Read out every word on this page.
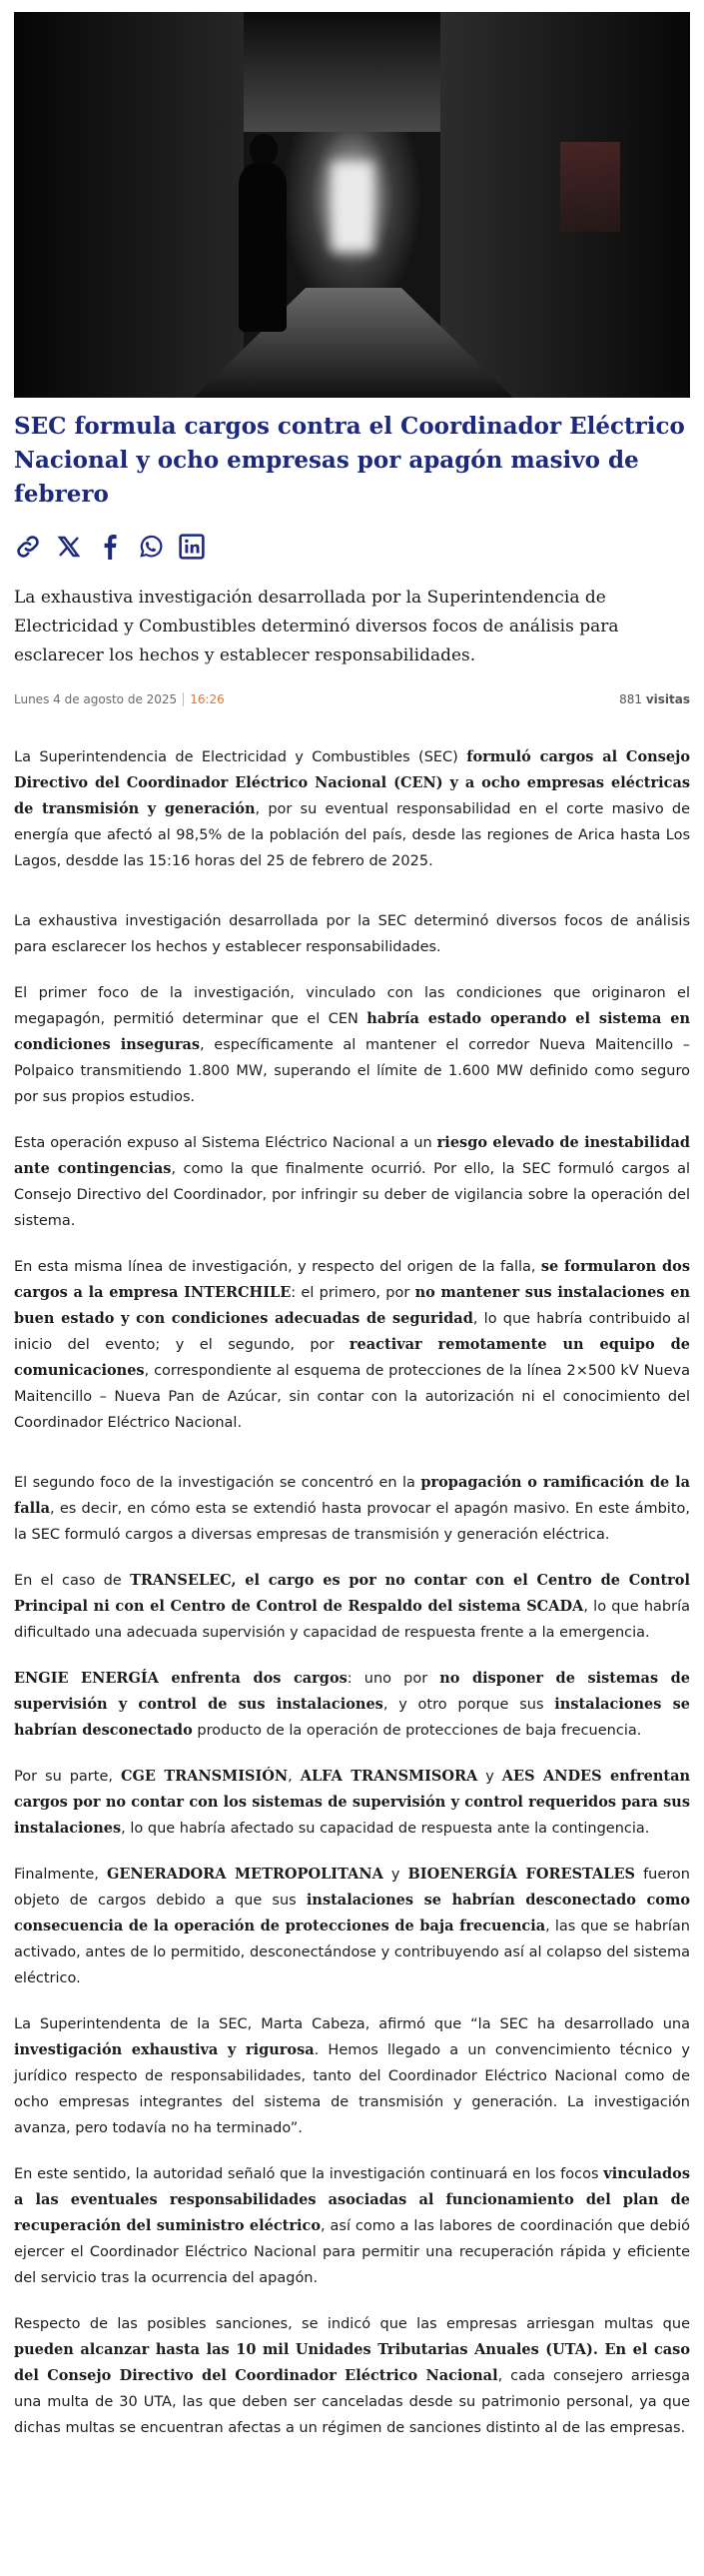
SEC formula cargos contra el Coordinador Eléctrico Nacional y ocho empresas por apagón masivo de febrero

La exhaustiva investigación desarrollada por la Superintendencia de Electricidad y Combustibles determinó diversos focos de análisis para esclarecer los hechos y establecer responsabilidades.

Lunes 4 de agosto de 2025 16:26	881 visitas

La Superintendencia de Electricidad y Combustibles (SEC) formuló cargos al Consejo Directivo del Coordinador Eléctrico Nacional (CEN) y a ocho empresas eléctricas de transmisión y generación, por su eventual responsabilidad en el corte masivo de energía que afectó al 98,5% de la población del país, desde las regiones de Arica hasta Los Lagos, desdde las 15:16 horas del 25 de febrero de 2025.

La exhaustiva investigación desarrollada por la SEC determinó diversos focos de análisis para esclarecer los hechos y establecer responsabilidades.

El primer foco de la investigación, vinculado con las condiciones que originaron el megapagón, permitió determinar que el CEN habría estado operando el sistema en condiciones inseguras, específicamente al mantener el corredor Nueva Maitencillo – Polpaico transmitiendo 1.800 MW, superando el límite de 1.600 MW definido como seguro por sus propios estudios.

Esta operación expuso al Sistema Eléctrico Nacional a un riesgo elevado de inestabilidad ante contingencias, como la que finalmente ocurrió. Por ello, la SEC formuló cargos al Consejo Directivo del Coordinador, por infringir su deber de vigilancia sobre la operación del sistema.

En esta misma línea de investigación, y respecto del origen de la falla, se formularon dos cargos a la empresa INTERCHILE: el primero, por no mantener sus instalaciones en buen estado y con condiciones adecuadas de seguridad, lo que habría contribuido al inicio del evento; y el segundo, por reactivar remotamente un equipo de comunicaciones, correspondiente al esquema de protecciones de la línea 2×500 kV Nueva Maitencillo – Nueva Pan de Azúcar, sin contar con la autorización ni el conocimiento del Coordinador Eléctrico Nacional.

El segundo foco de la investigación se concentró en la propagación o ramificación de la falla, es decir, en cómo esta se extendió hasta provocar el apagón masivo. En este ámbito, la SEC formuló cargos a diversas empresas de transmisión y generación eléctrica.

En el caso de TRANSELEC, el cargo es por no contar con el Centro de Control Principal ni con el Centro de Control de Respaldo del sistema SCADA, lo que habría dificultado una adecuada supervisión y capacidad de respuesta frente a la emergencia.

ENGIE ENERGÍA enfrenta dos cargos: uno por no disponer de sistemas de supervisión y control de sus instalaciones, y otro porque sus instalaciones se habrían desconectado producto de la operación de protecciones de baja frecuencia.

Por su parte, CGE TRANSMISIÓN, ALFA TRANSMISORA y AES ANDES enfrentan cargos por no contar con los sistemas de supervisión y control requeridos para sus instalaciones, lo que habría afectado su capacidad de respuesta ante la contingencia.

Finalmente, GENERADORA METROPOLITANA y BIOENERGÍA FORESTALES fueron objeto de cargos debido a que sus instalaciones se habrían desconectado como consecuencia de la operación de protecciones de baja frecuencia, las que se habrían activado, antes de lo permitido, desconectándose y contribuyendo así al colapso del sistema eléctrico.

La Superintendenta de la SEC, Marta Cabeza, afirmó que “la SEC ha desarrollado una investigación exhaustiva y rigurosa. Hemos llegado a un convencimiento técnico y jurídico respecto de responsabilidades, tanto del Coordinador Eléctrico Nacional como de ocho empresas integrantes del sistema de transmisión y generación. La investigación avanza, pero todavía no ha terminado”.

En este sentido, la autoridad señaló que la investigación continuará en los focos vinculados a las eventuales responsabilidades asociadas al funcionamiento del plan de recuperación del suministro eléctrico, así como a las labores de coordinación que debió ejercer el Coordinador Eléctrico Nacional para permitir una recuperación rápida y eficiente del servicio tras la ocurrencia del apagón.

Respecto de las posibles sanciones, se indicó que las empresas arriesgan multas que pueden alcanzar hasta las 10 mil Unidades Tributarias Anuales (UTA). En el caso del Consejo Directivo del Coordinador Eléctrico Nacional, cada consejero arriesga una multa de 30 UTA, las que deben ser canceladas desde su patrimonio personal, ya que dichas multas se encuentran afectas a un régimen de sanciones distinto al de las empresas.
